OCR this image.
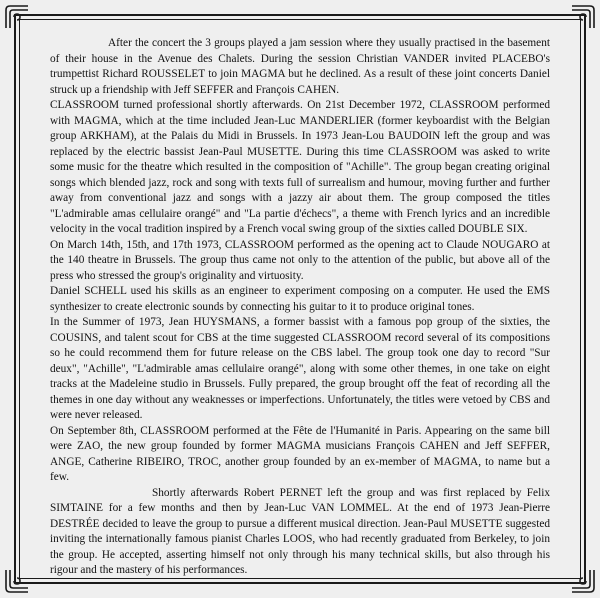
After the concert the 3 groups played a jam session where they usually practised in the basement of their house in the Avenue des Chalets. During the session Christian VANDER invited PLACEBO's trumpettist Richard ROUSSELET to join MAGMA but he declined. As a result of these joint concerts Daniel struck up a friendship with Jeff SEFFER and François CAHEN.

CLASSROOM turned professional shortly afterwards. On 21st December 1972, CLASSROOM performed with MAGMA, which at the time included Jean-Luc MANDERLIER (former keyboardist with the Belgian group ARKHAM), at the Palais du Midi in Brussels. In 1973 Jean-Lou BAUDOIN left the group and was replaced by the electric bassist Jean-Paul MUSETTE. During this time CLASSROOM was asked to write some music for the theatre which resulted in the composition of "Achille". The group began creating original songs which blended jazz, rock and song with texts full of surrealism and humour, moving further and further away from conventional jazz and songs with a jazzy air about them. The group composed the titles "L'admirable amas cellulaire orangé" and "La partie d'échecs", a theme with French lyrics and an incredible velocity in the vocal tradition inspired by a French vocal swing group of the sixties called DOUBLE SIX.

On March 14th, 15th, and 17th 1973, CLASSROOM performed as the opening act to Claude NOUGARO at the 140 theatre in Brussels. The group thus came not only to the attention of the public, but above all of the press who stressed the group's originality and virtuosity.

Daniel SCHELL used his skills as an engineer to experiment composing on a computer. He used the EMS synthesizer to create electronic sounds by connecting his guitar to it to produce original tones.

In the Summer of 1973, Jean HUYSMANS, a former bassist with a famous pop group of the sixties, the COUSINS, and talent scout for CBS at the time suggested CLASSROOM record several of its compositions so he could recommend them for future release on the CBS label. The group took one day to record "Sur deux", "Achille", "L'admirable amas cellulaire orangé", along with some other themes, in one take on eight tracks at the Madeleine studio in Brussels. Fully prepared, the group brought off the feat of recording all the themes in one day without any weaknesses or imperfections. Unfortunately, the titles were vetoed by CBS and were never released.

On September 8th, CLASSROOM performed at the Fête de l'Humanité in Paris. Appearing on the same bill were ZAO, the new group founded by former MAGMA musicians François CAHEN and Jeff SEFFER, ANGE, Catherine RIBEIRO, TROC, another group founded by an ex-member of MAGMA, to name but a few.

Shortly afterwards Robert PERNET left the group and was first replaced by Felix SIMTAINE for a few months and then by Jean-Luc VAN LOMMEL. At the end of 1973 Jean-Pierre DESTRÉE decided to leave the group to pursue a different musical direction. Jean-Paul MUSETTE suggested inviting the internationally famous pianist Charles LOOS, who had recently graduated from Berkeley, to join the group. He accepted, asserting himself not only through his many technical skills, but also through his rigour and the mastery of his performances.
